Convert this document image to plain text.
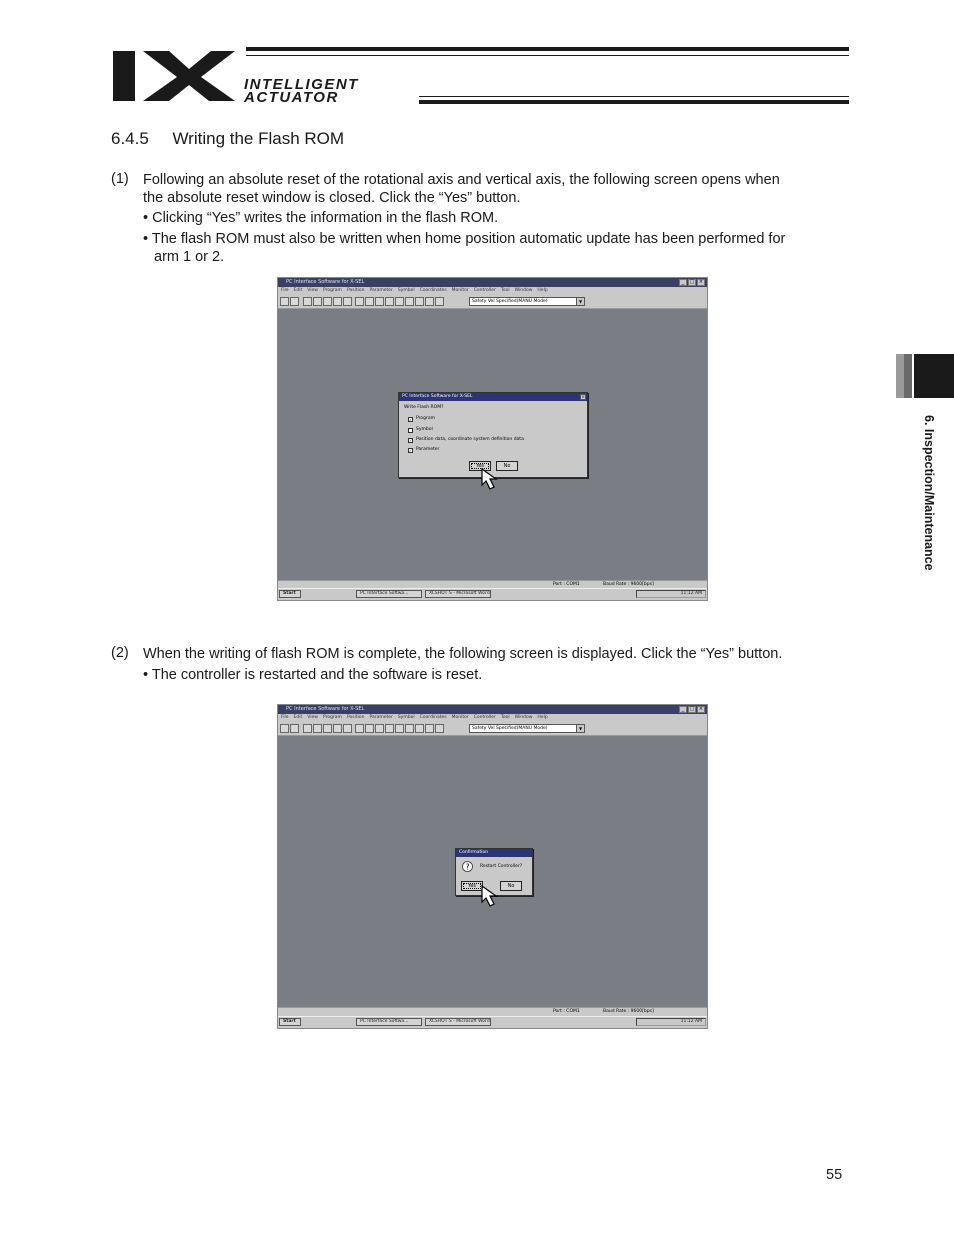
INTELLIGENT
ACTUATOR
6.4.5 Writing the Flash ROM
(1) Following an absolute reset of the rotational axis and vertical axis, the following screen opens when
the absolute reset window is closed. Click the “Yes” button.
• Clicking “Yes” writes the information in the flash ROM.
• The flash ROM must also be written when home position automatic update has been performed for
arm 1 or 2.
PC Interface Software for X-SEL	_	□ ×
File Edit View Program Position Parameter Symbol Coordinates Monitor Controller Tool Window Help
Safety Vel Specified(MANU Mode)	▼
PC Interface Software for X-SEL	×
Write Flash ROM?
✓ Program
Symbol
✓ Position data, coordinate system definition data
✓ Parameter
Yes	No
Port : COM1	Baud Rate : 9600[bps]
Start	PC Interface Softwa...	XCSHOT S - Microsoft Word	11:12 AM
(2) When the writing of flash ROM is complete, the following screen is displayed. Click the “Yes” button.
• The controller is restarted and the software is reset.
PC Interface Software for X-SEL	_	□ ×
File Edit View Program Position Parameter Symbol Coordinates Monitor Controller Tool Window Help
Safety Vel Specified(MANU Mode)	▼
Confirmation
? Restart Controller?
Yes	No
Port : COM1	Baud Rate : 9600[bps]
Start	PC Interface Softwa...	XCSHOT S - Microsoft Word	11:12 AM
6. Inspection/Maintenance
55
